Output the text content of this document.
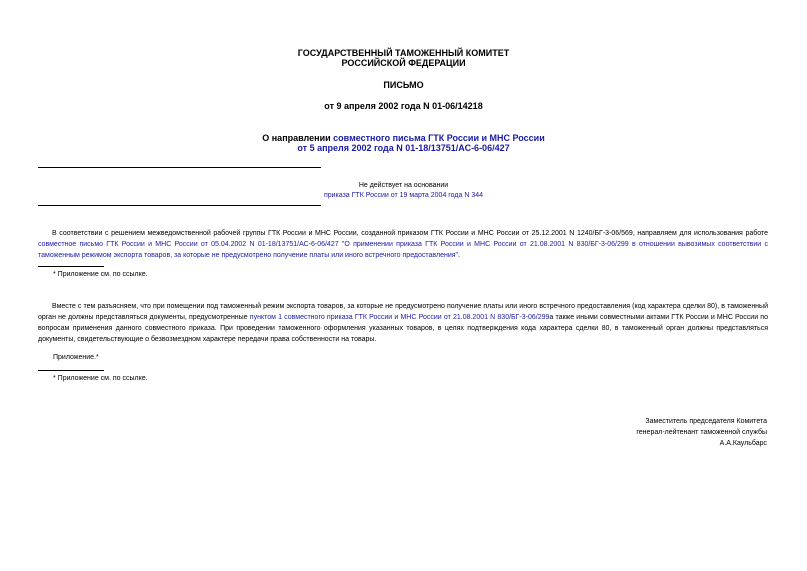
ГОСУДАРСТВЕННЫЙ ТАМОЖЕННЫЙ КОМИТЕТ
РОССИЙСКОЙ ФЕДЕРАЦИИ
ПИСЬМО
от 9 апреля 2002 года N 01-06/14218
О направлении совместного письма ГТК России и МНС России
от 5 апреля 2002 года N 01-18/13751/АС-6-06/427
Не действует на основании
приказа ГТК России от 19 марта 2004 года N 344
В соответствии с решением межведомственной рабочей группы ГТК России и МНС России, созданной приказом ГТК России и МНС России от 25.12.2001 N 1240/БГ-3-06/569, направляем для использования работе совместное письмо ГТК России и МНС России от 05.04.2002 N 01-18/13751/АС-6-06/427 "О применении приказа ГТК России и МНС России от 21.08.2001 N 830/БГ-3-06/299 в отношении вывозимых соответствии с таможенным режимом экспорта товаров, за которые не предусмотрено получение платы или иного встречного предоставления".
* Приложение см. по ссылке.
Вместе с тем разъясняем, что при помещении под таможенный режим экспорта товаров, за которые не предусмотрено получение платы или иного встречного предоставления (код характера сделки 80), в таможенный орган не должны представляться документы, предусмотренные пунктом 1 совместного приказа ГТК России и МНС России от 21.08.2001 N 830/БГ-3-06/299а также иными совместными актами ГТК России и МНС России по вопросам применения данного совместного приказа. При проведении таможенного оформления указанных товаров, в целях подтверждения кода характера сделки 80, в таможенный орган должны представляться документы, свидетельствующие о безвозмездном характере передачи права собственности на товары.
Приложение.*
* Приложение см. по ссылке.
Заместитель председателя Комитета
генерал-лейтенант таможенной службы
А.А.Каульбарс
